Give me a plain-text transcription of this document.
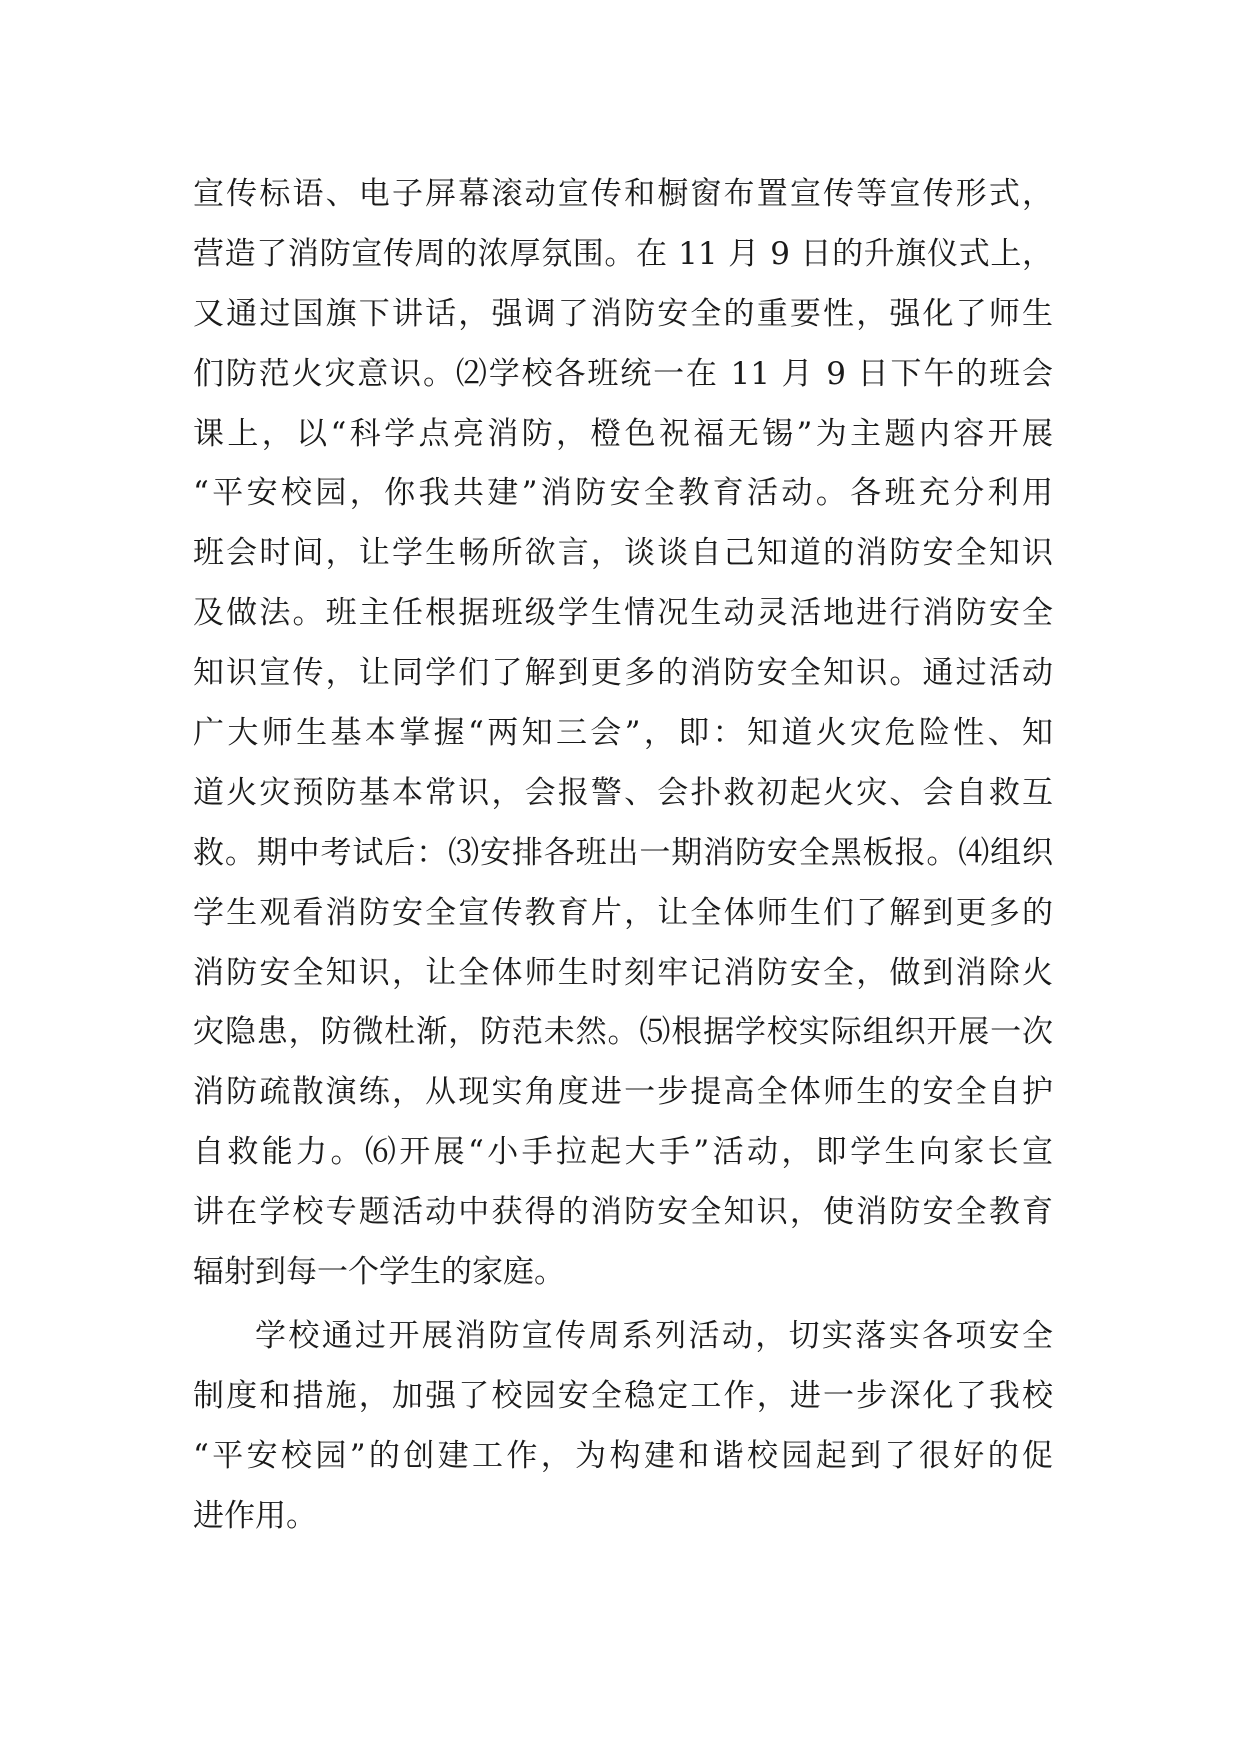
宣传标语、电子屏幕滚动宣传和橱窗布置宣传等宣传形式，
营造了消防宣传周的浓厚氛围。在 11 月 9 日的升旗仪式上，
又通过国旗下讲话，强调了消防安全的重要性，强化了师生
们防范火灾意识。⑵学校各班统一在 11 月 9 日下午的班会
课上，以“科学点亮消防，橙色祝福无锡”为主题内容开展
“平安校园，你我共建”消防安全教育活动。各班充分利用
班会时间，让学生畅所欲言，谈谈自己知道的消防安全知识
及做法。班主任根据班级学生情况生动灵活地进行消防安全
知识宣传，让同学们了解到更多的消防安全知识。通过活动
广大师生基本掌握“两知三会”，即：知道火灾危险性、知
道火灾预防基本常识，会报警、会扑救初起火灾、会自救互
救。期中考试后：⑶安排各班出一期消防安全黑板报。⑷组织
学生观看消防安全宣传教育片，让全体师生们了解到更多的
消防安全知识，让全体师生时刻牢记消防安全，做到消除火
灾隐患，防微杜渐，防范未然。⑸根据学校实际组织开展一次
消防疏散演练，从现实角度进一步提高全体师生的安全自护
自救能力。⑹开展“小手拉起大手”活动，即学生向家长宣
讲在学校专题活动中获得的消防安全知识，使消防安全教育
辐射到每一个学生的家庭。
学校通过开展消防宣传周系列活动，切实落实各项安全
制度和措施，加强了校园安全稳定工作，进一步深化了我校
“平安校园”的创建工作，为构建和谐校园起到了很好的促
进作用。
